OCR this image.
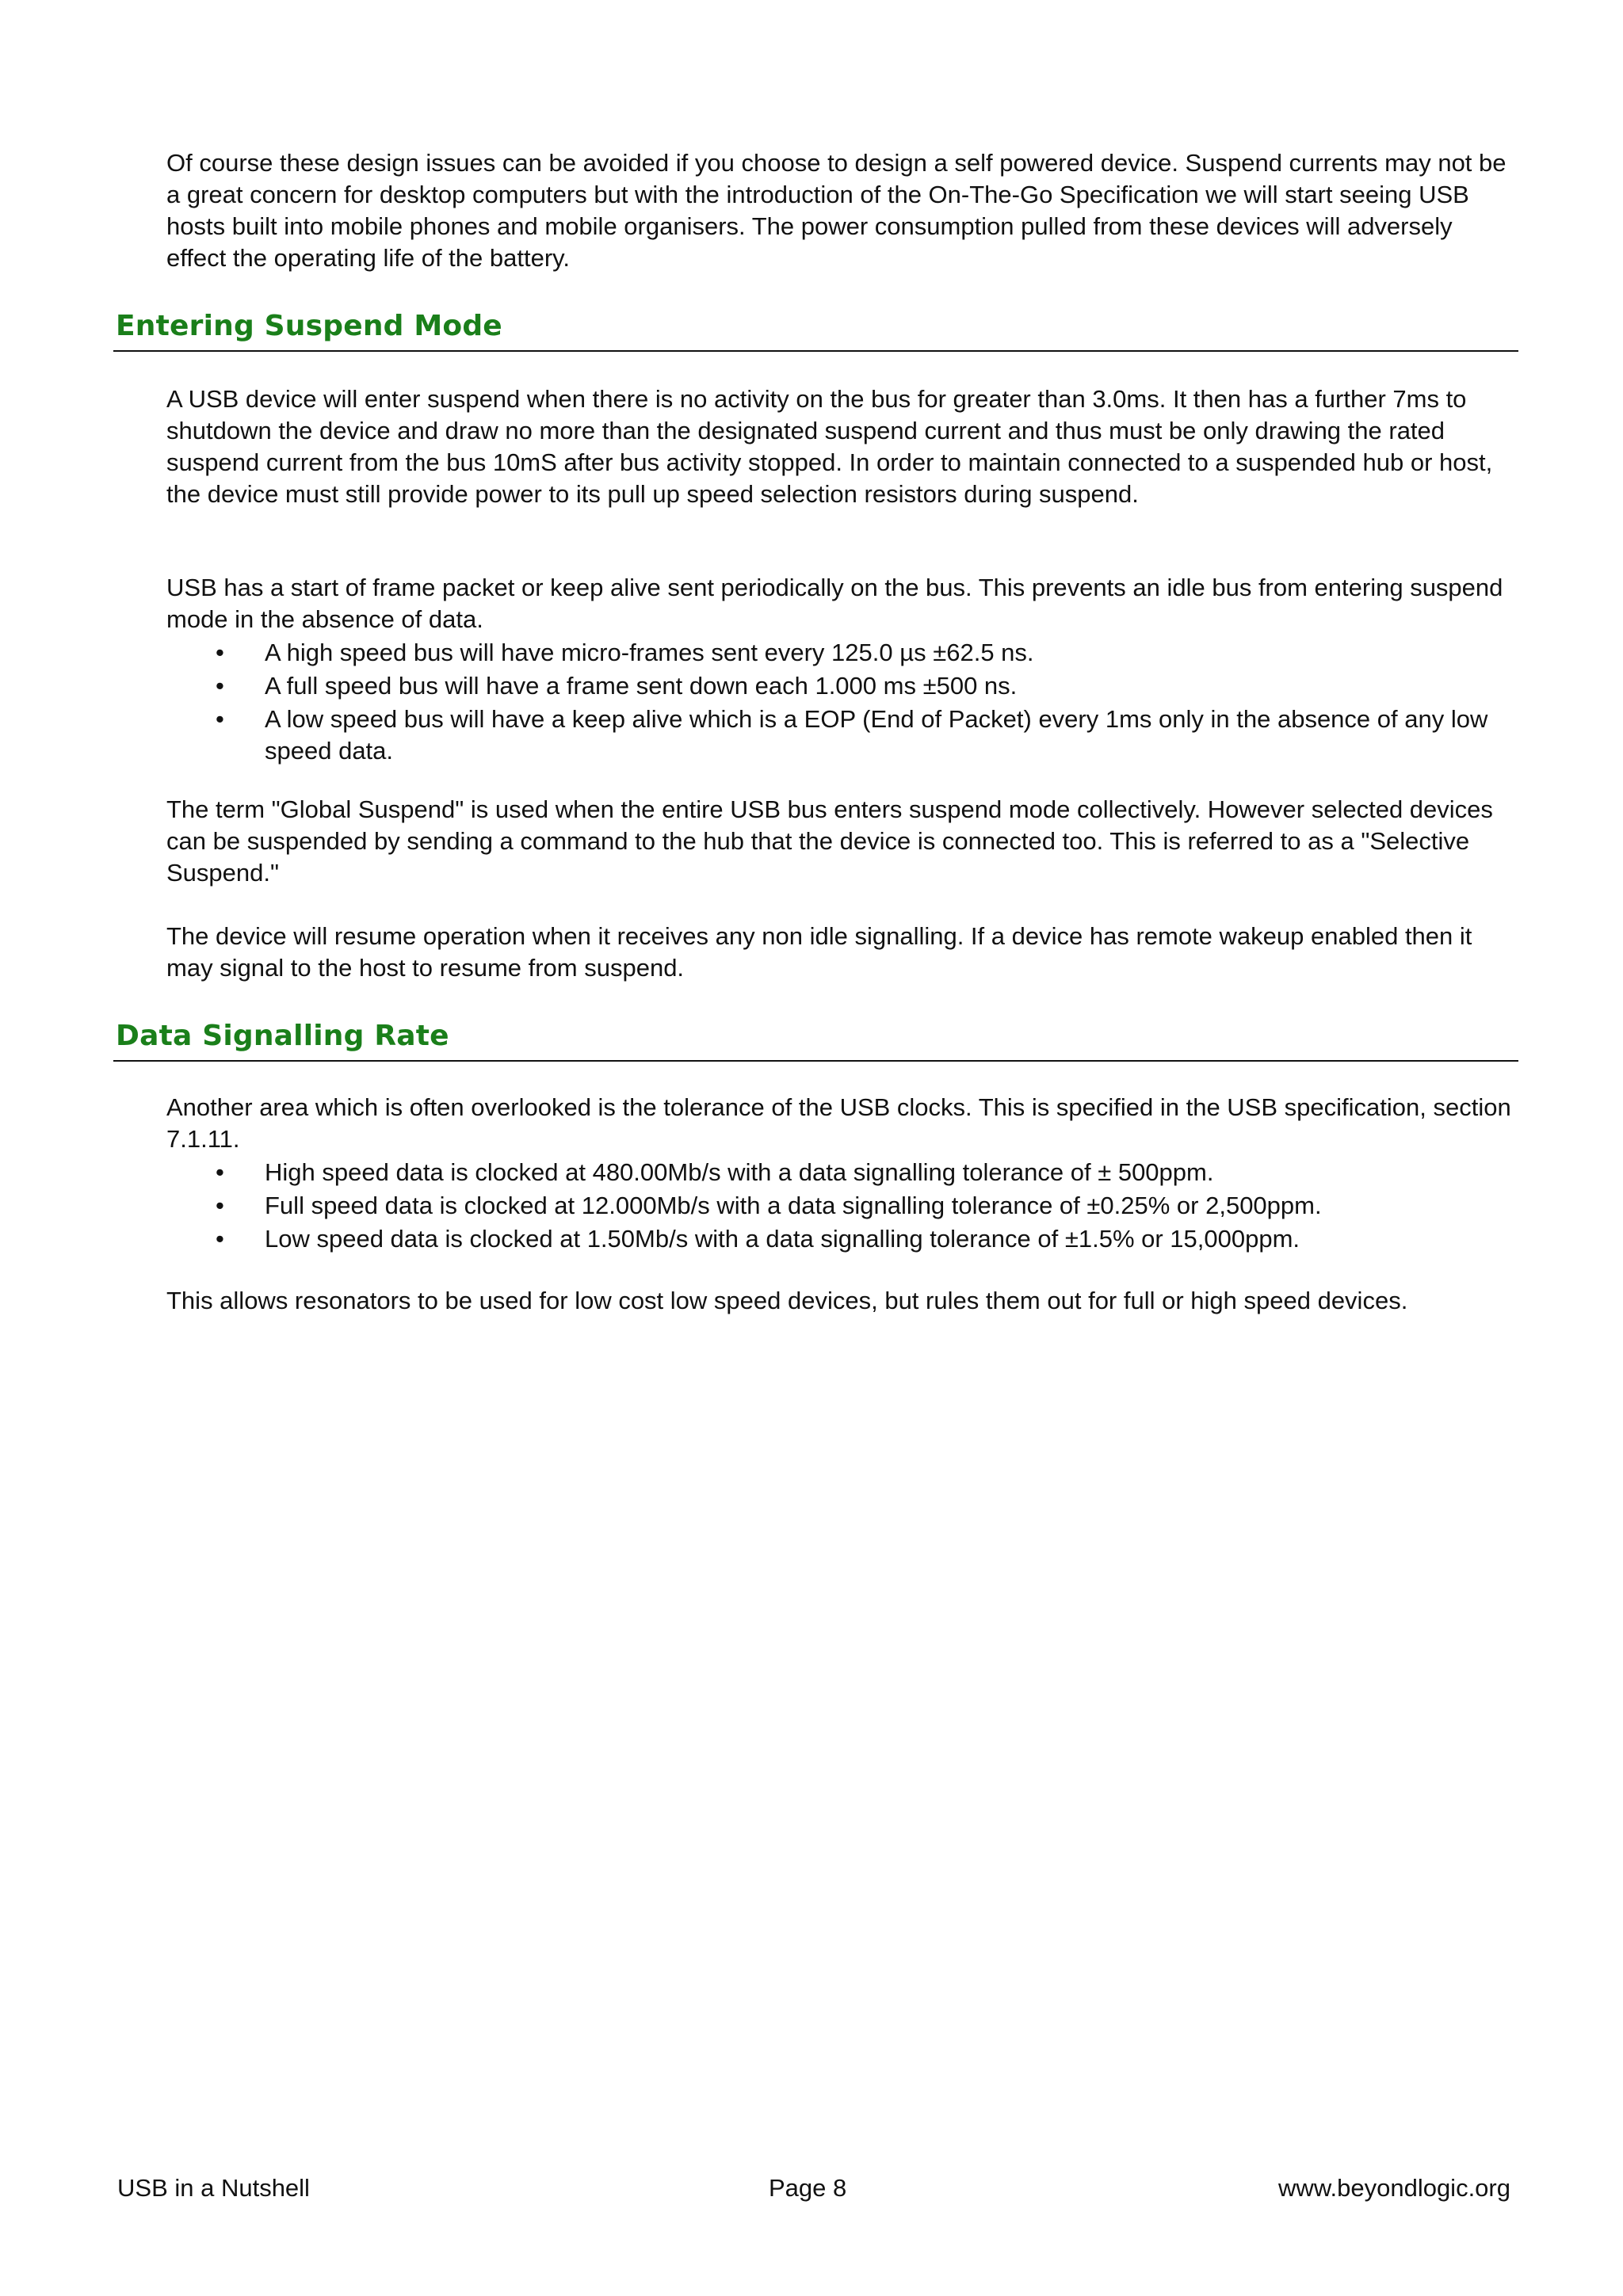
Of course these design issues can be avoided if you choose to design a self powered device. Suspend currents may not be a great concern for desktop computers but with the introduction of the On-The-Go Specification we will start seeing USB hosts built into mobile phones and mobile organisers. The power consumption pulled from these devices will adversely effect the operating life of the battery.

Entering Suspend Mode

A USB device will enter suspend when there is no activity on the bus for greater than 3.0ms. It then has a further 7ms to shutdown the device and draw no more than the designated suspend current and thus must be only drawing the rated suspend current from the bus 10mS after bus activity stopped. In order to maintain connected to a suspended hub or host, the device must still provide power to its pull up speed selection resistors during suspend.

USB has a start of frame packet or keep alive sent periodically on the bus. This prevents an idle bus from entering suspend mode in the absence of data.

• A high speed bus will have micro-frames sent every 125.0 µs ±62.5 ns.
• A full speed bus will have a frame sent down each 1.000 ms ±500 ns.
• A low speed bus will have a keep alive which is a EOP (End of Packet) every 1ms only in the absence of any low speed data.

The term "Global Suspend" is used when the entire USB bus enters suspend mode collectively. However selected devices can be suspended by sending a command to the hub that the device is connected too. This is referred to as a "Selective Suspend."

The device will resume operation when it receives any non idle signalling. If a device has remote wakeup enabled then it may signal to the host to resume from suspend.

Data Signalling Rate

Another area which is often overlooked is the tolerance of the USB clocks. This is specified in the USB specification, section 7.1.11.

• High speed data is clocked at 480.00Mb/s with a data signalling tolerance of ± 500ppm.
• Full speed data is clocked at 12.000Mb/s with a data signalling tolerance of ±0.25% or 2,500ppm.
• Low speed data is clocked at 1.50Mb/s with a data signalling tolerance of ±1.5% or 15,000ppm.

This allows resonators to be used for low cost low speed devices, but rules them out for full or high speed devices.

USB in a Nutshell	Page 8	www.beyondlogic.org
